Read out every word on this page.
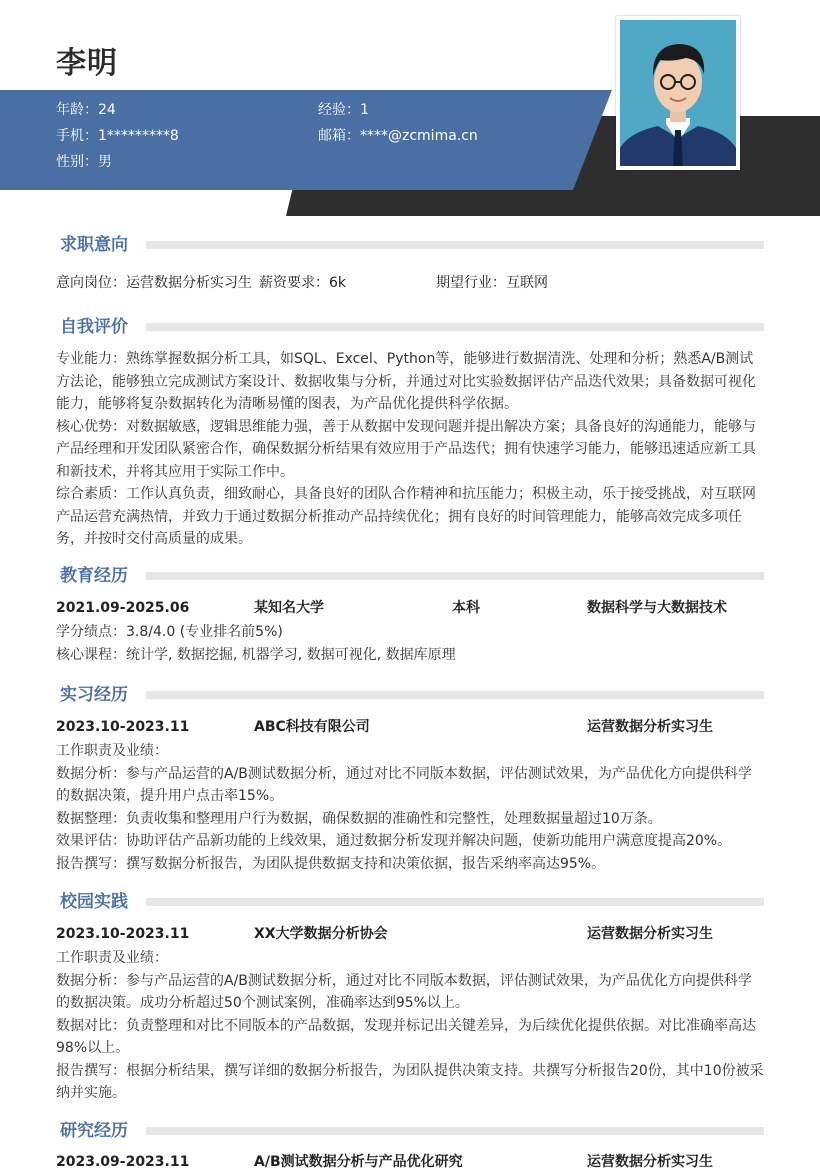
李明
年龄：24	经验：1
手机：1*********8	邮箱：****@zcmima.cn
性别：男
求职意向
意向岗位：运营数据分析实习生 薪资要求：6k	期望行业：互联网
自我评价
专业能力：熟练掌握数据分析工具，如SQL、Excel、Python等，能够进行数据清洗、处理和分析；熟悉A/B测试方法论，能够独立完成测试方案设计、数据收集与分析，并通过对比实验数据评估产品迭代效果；具备数据可视化能力，能够将复杂数据转化为清晰易懂的图表，为产品优化提供科学依据。
核心优势：对数据敏感，逻辑思维能力强，善于从数据中发现问题并提出解决方案；具备良好的沟通能力，能够与产品经理和开发团队紧密合作，确保数据分析结果有效应用于产品迭代；拥有快速学习能力，能够迅速适应新工具和新技术，并将其应用于实际工作中。
综合素质：工作认真负责，细致耐心，具备良好的团队合作精神和抗压能力；积极主动，乐于接受挑战，对互联网产品运营充满热情，并致力于通过数据分析推动产品持续优化；拥有良好的时间管理能力，能够高效完成多项任务，并按时交付高质量的成果。
教育经历
2021.09-2025.06	某知名大学	本科	数据科学与大数据技术
学分绩点：3.8/4.0 (专业排名前5%)
核心课程：统计学, 数据挖掘, 机器学习, 数据可视化, 数据库原理
实习经历
2023.10-2023.11	ABC科技有限公司	运营数据分析实习生
工作职责及业绩：
数据分析：参与产品运营的A/B测试数据分析，通过对比不同版本数据，评估测试效果，为产品优化方向提供科学的数据决策，提升用户点击率15%。
数据整理：负责收集和整理用户行为数据，确保数据的准确性和完整性，处理数据量超过10万条。
效果评估：协助评估产品新功能的上线效果，通过数据分析发现并解决问题，使新功能用户满意度提高20%。
报告撰写：撰写数据分析报告，为团队提供数据支持和决策依据，报告采纳率高达95%。
校园实践
2023.10-2023.11	XX大学数据分析协会	运营数据分析实习生
工作职责及业绩：
数据分析：参与产品运营的A/B测试数据分析，通过对比不同版本数据，评估测试效果，为产品优化方向提供科学的数据决策。成功分析超过50个测试案例，准确率达到95%以上。
数据对比：负责整理和对比不同版本的产品数据，发现并标记出关键差异，为后续优化提供依据。对比准确率高达98%以上。
报告撰写：根据分析结果，撰写详细的数据分析报告，为团队提供决策支持。共撰写分析报告20份，其中10份被采纳并实施。
研究经历
2023.09-2023.11	A/B测试数据分析与产品优化研究	运营数据分析实习生
